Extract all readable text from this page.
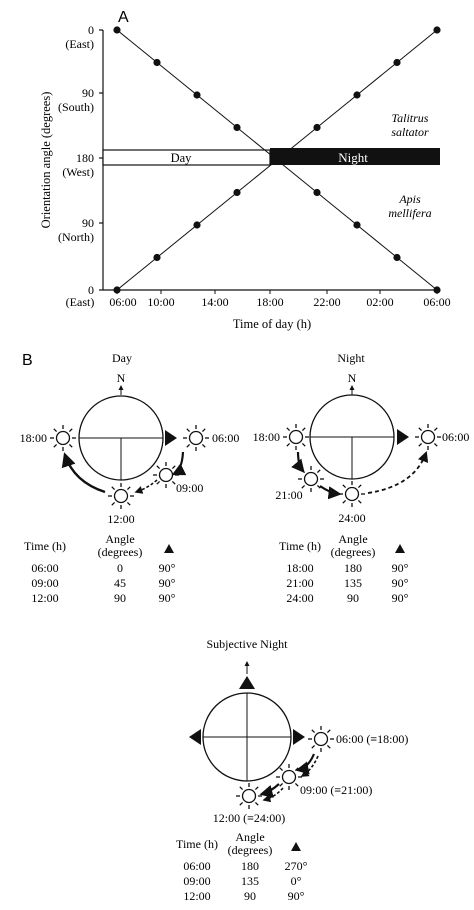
A
Orientation angle (degrees)
0
(East)
90
(South)
180
(West)
90
(North)
0
(East) 06:00 10:00 14:00 18:00 22:00 02:00 06:00
Time of day (h)
Day	Night
Talitrus
saltator
Apis
mellifera
B	Day
N
18:00	06:00
09:00
12:00
Time (h)	Angle
(degrees)
06:00	0	90°
09:00	45	90°
12:00	90	90°
Night
N
18:00	06:00
21:00
24:00
Time (h) Angle
(degrees)
18:00	180 90°
21:00	135 90°
24:00	90	90°
Subjective Night
06:00 (≡18:00)
09:00 (≡21:00)
12:00 (≡24:00)
Time (h) Angle
(degrees)
06:00	180 270°
09:00	135	0°
12:00	90	90°
